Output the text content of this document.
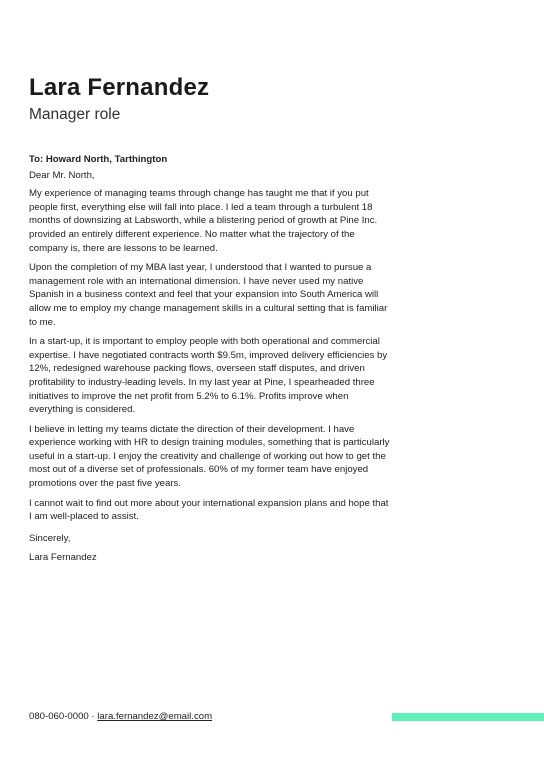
Lara Fernandez
Manager role

To: Howard North, Tarthington

Dear Mr. North,

My experience of managing teams through change has taught me that if you put people first, everything else will fall into place. I led a team through a turbulent 18 months of downsizing at Labsworth, while a blistering period of growth at Pine Inc. provided an entirely different experience. No matter what the trajectory of the company is, there are lessons to be learned.

Upon the completion of my MBA last year, I understood that I wanted to pursue a management role with an international dimension. I have never used my native Spanish in a business context and feel that your expansion into South America will allow me to employ my change management skills in a cultural setting that is familiar to me.

In a start-up, it is important to employ people with both operational and commercial expertise. I have negotiated contracts worth $9.5m, improved delivery efficiencies by 12%, redesigned warehouse packing flows, overseen staff disputes, and driven profitability to industry-leading levels. In my last year at Pine, I spearheaded three initiatives to improve the net profit from 5.2% to 6.1%. Profits improve when everything is considered.

I believe in letting my teams dictate the direction of their development. I have experience working with HR to design training modules, something that is particularly useful in a start-up. I enjoy the creativity and challenge of working out how to get the most out of a diverse set of professionals. 60% of my former team have enjoyed promotions over the past five years.

I cannot wait to find out more about your international expansion plans and hope that I am well-placed to assist.

Sincerely,

Lara Fernandez

080-060-0000 · lara.fernandez@email.com
